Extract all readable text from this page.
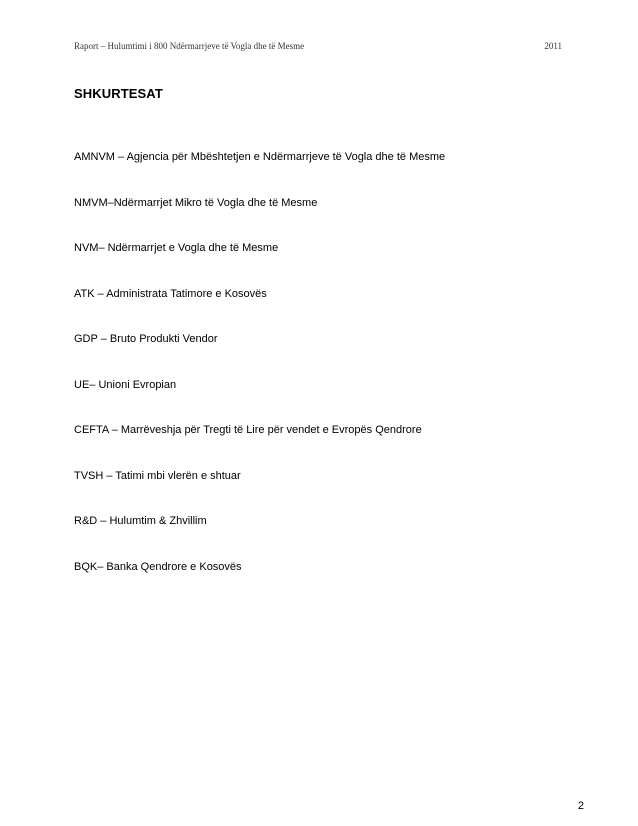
Raport – Hulumtimi i 800 Ndërmarrjeve të Vogla dhe të Mesme	2011
SHKURTESAT
AMNVM – Agjencia për Mbështetjen e Ndërmarrjeve të Vogla dhe të Mesme
NMVM–Ndërmarrjet Mikro të Vogla dhe të Mesme
NVM– Ndërmarrjet e Vogla dhe të Mesme
ATK – Administrata Tatimore e Kosovës
GDP – Bruto Produkti Vendor
UE– Unioni Evropian
CEFTA – Marrëveshja për Tregti të Lire për vendet e Evropës Qendrore
TVSH – Tatimi mbi vlerën e shtuar
R&D – Hulumtim & Zhvillim
BQK– Banka Qendrore e Kosovës
2
